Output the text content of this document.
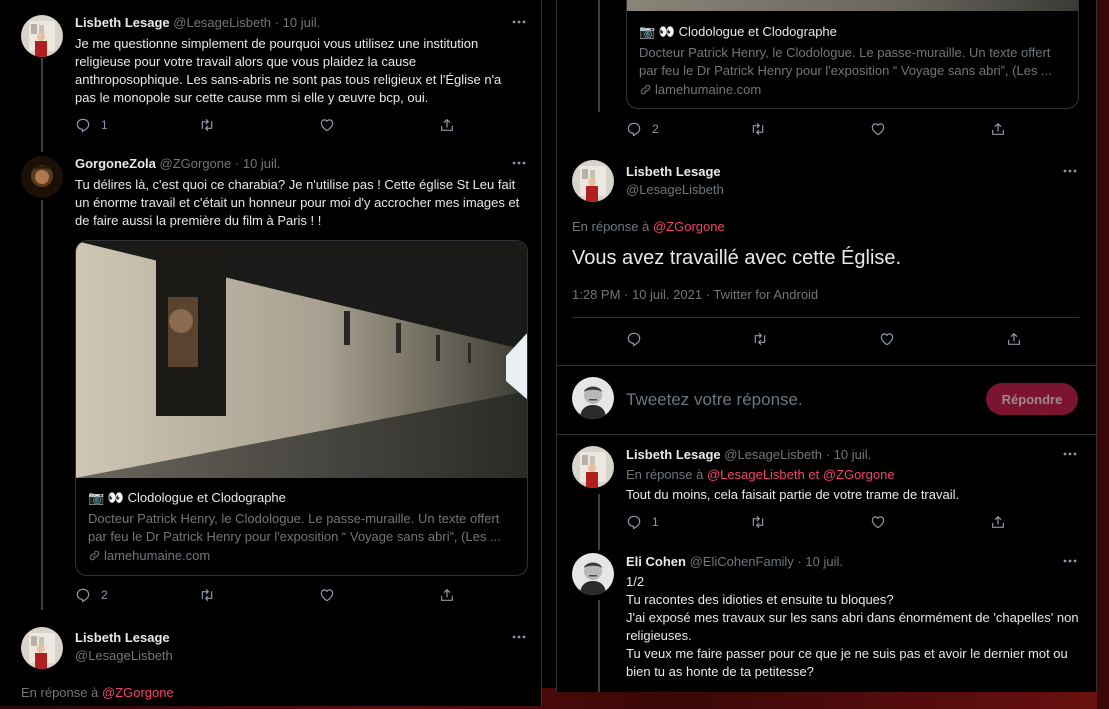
Lisbeth Lesage @LesageLisbeth · 10 juil.
Je me questionne simplement de pourquoi vous utilisez une institution religieuse pour votre travail alors que vous plaidez la cause anthroposophique. Les sans-abris ne sont pas tous religieux et l'Église n'a pas le monopole sur cette cause mm si elle y œuvre bcp, oui.
1
GorgoneZola @ZGorgone · 10 juil.
Tu délires là, c'est quoi ce charabia? Je n'utilise pas ! Cette église St Leu fait un énorme travail et c'était un honneur pour moi d'y accrocher mes images et de faire aussi la première du film à Paris ! !
📷 👀 Clodologue et Clodographe
Docteur Patrick Henry, le Clodologue. Le passe-muraille. Un texte offert par feu le Dr Patrick Henry pour l'exposition “ Voyage sans abri”, (Les ...
lamehumaine.com
2
Lisbeth Lesage
@LesageLisbeth
En réponse à @ZGorgone
📷 👀 Clodologue et Clodographe
Docteur Patrick Henry, le Clodologue. Le passe-muraille. Un texte offert par feu le Dr Patrick Henry pour l'exposition “ Voyage sans abri”, (Les ...
lamehumaine.com
2
Lisbeth Lesage
@LesageLisbeth
En réponse à @ZGorgone
Vous avez travaillé avec cette Église.
1:28 PM · 10 juil. 2021 · Twitter for Android
Tweetez votre réponse.	Répondre
Lisbeth Lesage @LesageLisbeth · 10 juil.
En réponse à @LesageLisbeth et @ZGorgone
Tout du moins, cela faisait partie de votre trame de travail.
1
Eli Cohen @EliCohenFamily · 10 juil.
1/2
Tu racontes des idioties et ensuite tu bloques?
J'ai exposé mes travaux sur les sans abri dans énormément de 'chapelles' non religieuses.
Tu veux me faire passer pour ce que je ne suis pas et avoir le dernier mot ou bien tu as honte de ta petitesse?
